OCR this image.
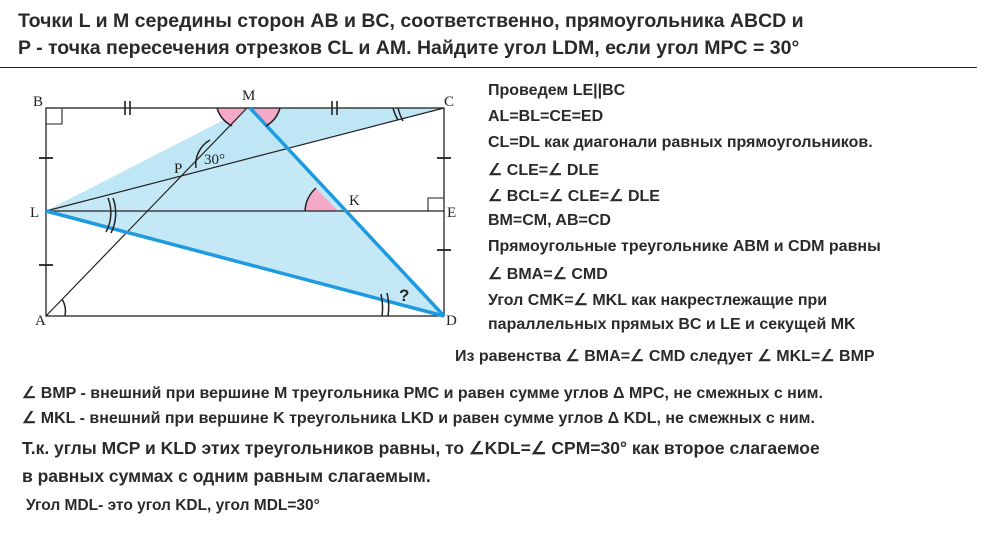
Точки L и M середины сторон AB и BC, соответственно, прямоугольника ABCD и
P - точка пересечения отрезков CL и AM. Найдите угол LDM, если угол MPC = 30°
B	C
M
L	E
A	D
P
K
30°
?
Проведем LE||BC
AL=BL=CE=ED
CL=DL как диагонали равных прямоугольников.
∠ CLE=∠ DLE
∠ BCL=∠ CLE=∠ DLE
BM=CM, AB=CD
Прямоугольные треугольнике ABM и CDM равны
∠ BMA=∠ CMD
Угол CMK=∠ MKL как накрестлежащие при
параллельных прямых BC и LE и секущей MK
Из равенства ∠ BMA=∠ CMD следует ∠ MKL=∠ BMP
∠ BMP - внешний при вершине M треугольника PMC и равен сумме углов Δ MPC, не смежных с ним.
∠ MKL - внешний при вершине K треугольника LKD и равен сумме углов Δ KDL, не смежных с ним.
Т.к. углы MCP и KLD этих треугольников равны, то ∠KDL=∠ CPM=30° как второе слагаемое
в равных суммах с одним равным слагаемым.
Угол MDL- это угол KDL, угол MDL=30°
